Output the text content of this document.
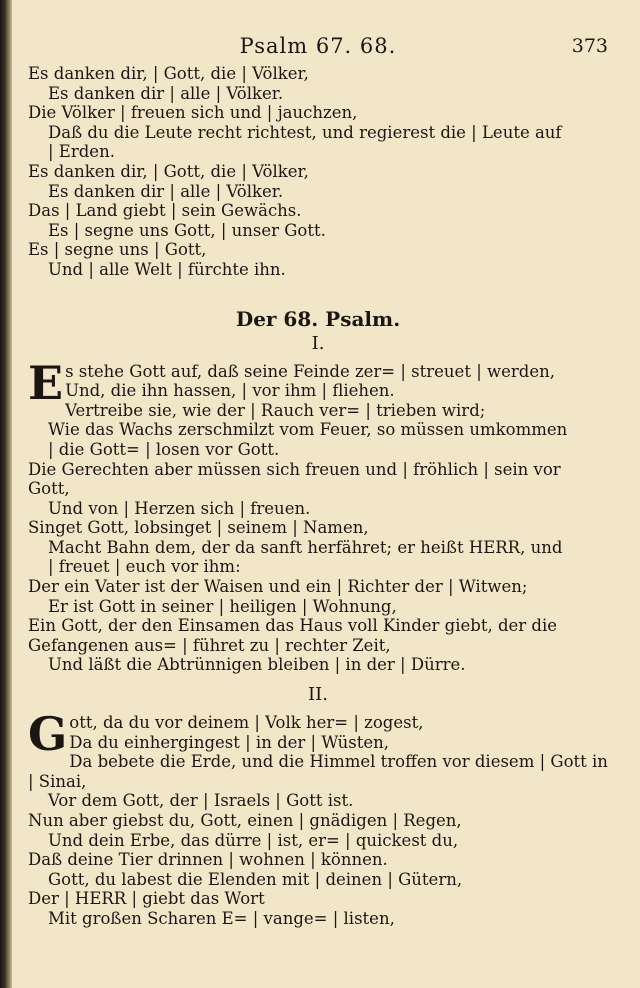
Psalm 67. 68.	373
Es danken dir, | Gott, die | Völker,
Es danken dir | alle | Völker.
Die Völker | freuen sich und | jauchzen,
Daß du die Leute recht richtest, und regierest die | Leute auf
| Erden.
Es danken dir, | Gott, die | Völker,
Es danken dir | alle | Völker.
Das | Land giebt | sein Gewächs.
Es | segne uns Gott, | unser Gott.
Es | segne uns | Gott,
Und | alle Welt | fürchte ihn.
Der 68. Psalm.
I.
E s stehe Gott auf, daß seine Feinde zer= | streuet | werden,
Und, die ihn hassen, | vor ihm | fliehen.
Vertreibe sie, wie der | Rauch ver= | trieben wird;
Wie das Wachs zerschmilzt vom Feuer, so müssen umkommen
| die Gott= | losen vor Gott.
Die Gerechten aber müssen sich freuen und | fröhlich | sein vor
Gott,
Und von | Herzen sich | freuen.
Singet Gott, lobsinget | seinem | Namen,
Macht Bahn dem, der da sanft herfähret; er heißt HERR, und
| freuet | euch vor ihm:
Der ein Vater ist der Waisen und ein | Richter der | Witwen;
Er ist Gott in seiner | heiligen | Wohnung,
Ein Gott, der den Einsamen das Haus voll Kinder giebt, der die
Gefangenen aus= | führet zu | rechter Zeit,
Und läßt die Abtrünnigen bleiben | in der | Dürre.
II.
G ott, da du vor deinem | Volk her= | zogest,
Da du einhergingest | in der | Wüsten,
Da bebete die Erde, und die Himmel troffen vor diesem | Gott in
| Sinai,
Vor dem Gott, der | Israels | Gott ist.
Nun aber giebst du, Gott, einen | gnädigen | Regen,
Und dein Erbe, das dürre | ist, er= | quickest du,
Daß deine Tier drinnen | wohnen | können.
Gott, du labest die Elenden mit | deinen | Gütern,
Der | HERR | giebt das Wort
Mit großen Scharen E= | vange= | listen,
